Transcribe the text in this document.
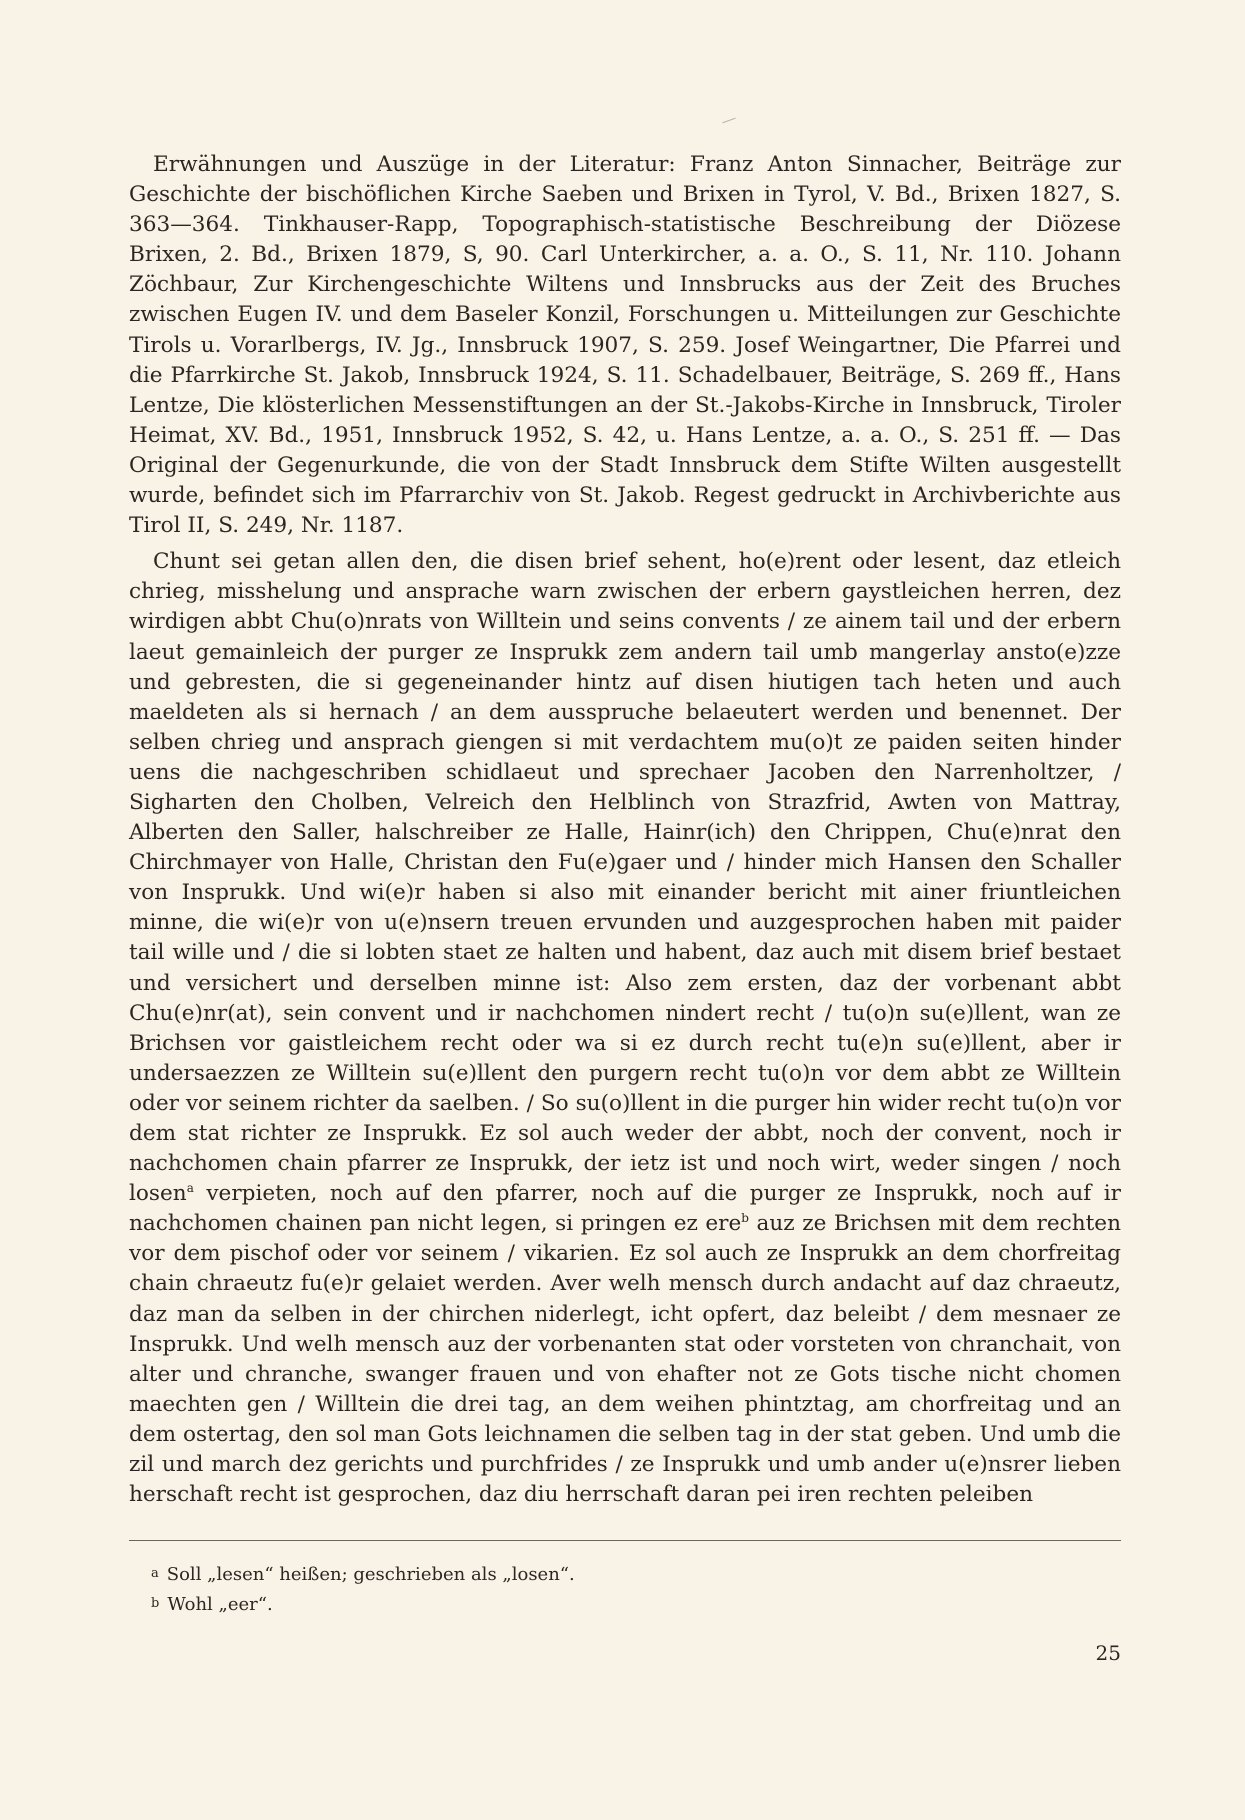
Erwähnungen und Auszüge in der Literatur: Franz Anton Sinnacher, Beiträge zur Geschichte der bischöflichen Kirche Saeben und Brixen in Tyrol, V. Bd., Brixen 1827, S. 363—364. Tinkhauser-Rapp, Topographisch-statistische Beschreibung der Diözese Brixen, 2. Bd., Brixen 1879, S, 90. Carl Unterkircher, a. a. O., S. 11, Nr. 110. Johann Zöchbaur, Zur Kirchengeschichte Wiltens und Innsbrucks aus der Zeit des Bruches zwischen Eugen IV. und dem Baseler Konzil, Forschungen u. Mitteilungen zur Geschichte Tirols u. Vorarlbergs, IV. Jg., Innsbruck 1907, S. 259. Josef Weingartner, Die Pfarrei und die Pfarrkirche St. Jakob, Innsbruck 1924, S. 11. Schadelbauer, Beiträge, S. 269 ff., Hans Lentze, Die klösterlichen Messenstiftungen an der St.-Jakobs-Kirche in Innsbruck, Tiroler Heimat, XV. Bd., 1951, Innsbruck 1952, S. 42, u. Hans Lentze, a. a. O., S. 251 ff. — Das Original der Gegenurkunde, die von der Stadt Innsbruck dem Stifte Wilten ausgestellt wurde, befindet sich im Pfarrarchiv von St. Jakob. Regest gedruckt in Archivberichte aus Tirol II, S. 249, Nr. 1187.

Chunt sei getan allen den, die disen brief sehent, ho(e)rent oder lesent, daz etleich chrieg, misshelung und ansprache warn zwischen der erbern gaystleichen herren, dez wirdigen abbt Chu(o)nrats von Willtein und seins convents / ze ainem tail und der erbern laeut gemainleich der purger ze Insprukk zem andern tail umb mangerlay ansto(e)zze und gebresten, die si gegeneinander hintz auf disen hiutigen tach heten und auch maeldeten als si hernach / an dem ausspruche belaeutert werden und benennet. Der selben chrieg und ansprach giengen si mit verdachtem mu(o)t ze paiden seiten hinder uens die nachgeschriben schidlaeut und sprechaer Jacoben den Narrenholtzer, / Sigharten den Cholben, Velreich den Helblinch von Strazfrid, Awten von Mattray, Alberten den Saller, halschreiber ze Halle, Hainr(ich) den Chrippen, Chu(e)nrat den Chirchmayer von Halle, Christan den Fu(e)gaer und / hinder mich Hansen den Schaller von Insprukk. Und wi(e)r haben si also mit einander bericht mit ainer friuntleichen minne, die wi(e)r von u(e)nsern treuen ervunden und auzgesprochen haben mit paider tail wille und / die si lobten staet ze halten und habent, daz auch mit disem brief bestaet und versichert und derselben minne ist: Also zem ersten, daz der vorbenant abbt Chu(e)nr(at), sein convent und ir nachchomen nindert recht / tu(o)n su(e)llent, wan ze Brichsen vor gaistleichem recht oder wa si ez durch recht tu(e)n su(e)llent, aber ir undersaezzen ze Willtein su(e)llent den purgern recht tu(o)n vor dem abbt ze Willtein oder vor seinem richter da saelben. / So su(o)llent in die purger hin wider recht tu(o)n vor dem stat richter ze Insprukk. Ez sol auch weder der abbt, noch der convent, noch ir nachchomen chain pfarrer ze Insprukk, der ietz ist und noch wirt, weder singen / noch losen$^a$ verpieten, noch auf den pfarrer, noch auf die purger ze Insprukk, noch auf ir nachchomen chainen pan nicht legen, si pringen ez ere$^b$ auz ze Brichsen mit dem rechten vor dem pischof oder vor seinem / vikarien. Ez sol auch ze Insprukk an dem chorfreitag chain chraeutz fu(e)r gelaiet werden. Aver welh mensch durch andacht auf daz chraeutz, daz man da selben in der chirchen niderlegt, icht opfert, daz beleibt / dem mesnaer ze Insprukk. Und welh mensch auz der vorbenanten stat oder vorsteten von chranchait, von alter und chranche, swanger frauen und von ehafter not ze Gots tische nicht chomen maechten gen / Willtein die drei tag, an dem weihen phintztag, am chorfreitag und an dem ostertag, den sol man Gots leichnamen die selben tag in der stat geben. Und umb die zil und march dez gerichts und purchfrides / ze Insprukk und umb ander u(e)nsrer lieben herschaft recht ist gesprochen, daz diu herrschaft daran pei iren rechten peleiben

a Soll „lesen“ heißen; geschrieben als „losen“.
b Wohl „eer“.
25
